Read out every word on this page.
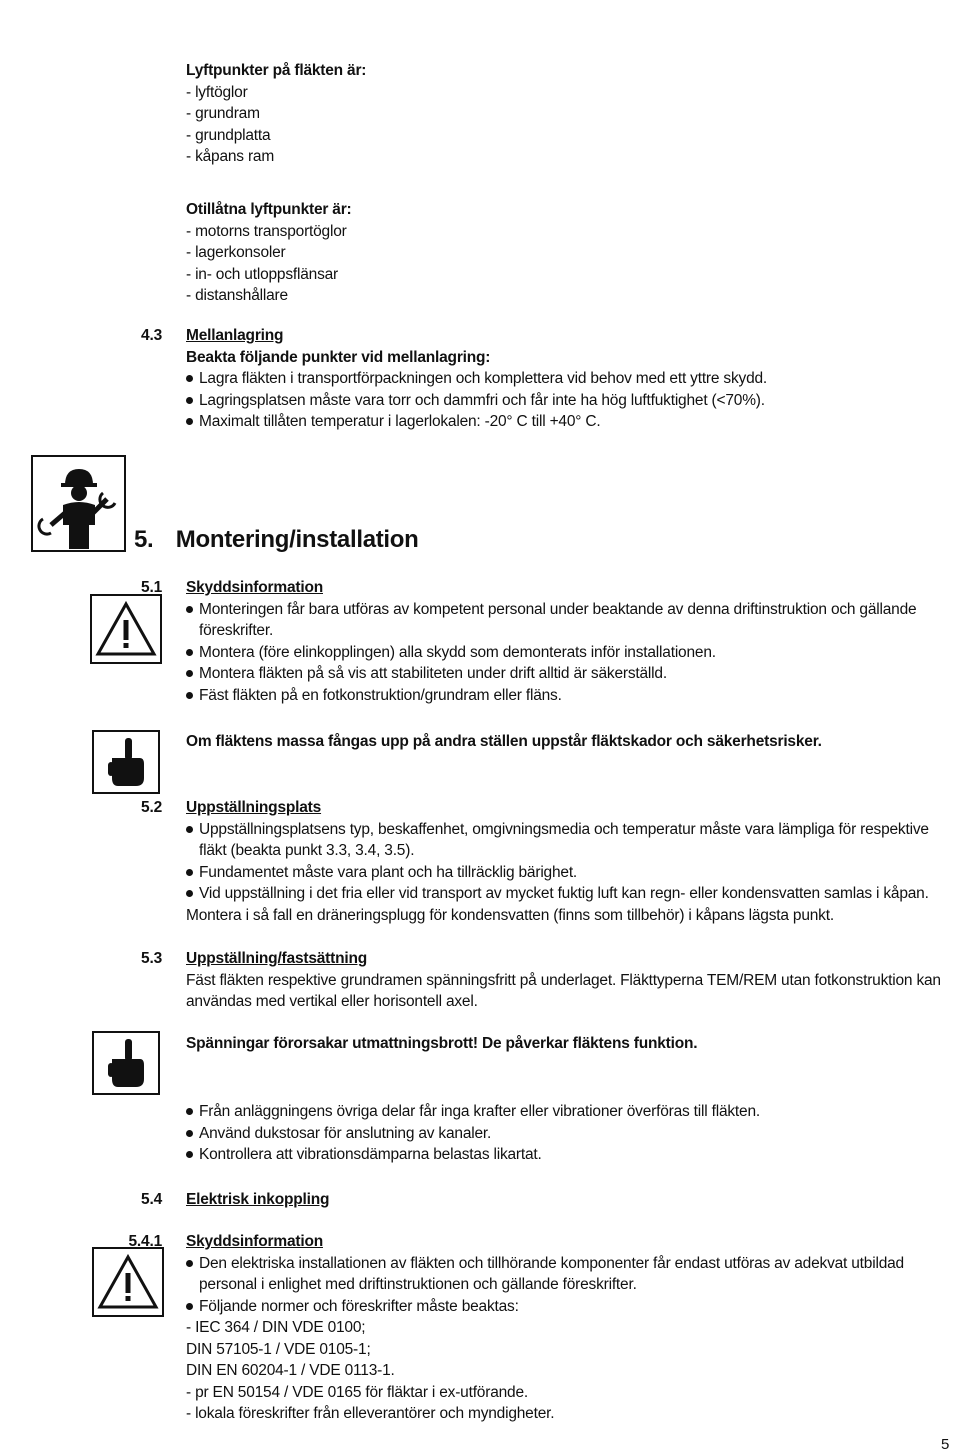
Lyftpunkter på fläkten är:
- lyftöglor
- grundram
- grundplatta
- kåpans ram
Otillåtna lyftpunkter är:
- motorns transportöglor
- lagerkonsoler
- in- och utloppsflänsar
- distanshållare
4.3 Mellanlagring
Beakta följande punkter vid mellanlagring:
Lagra fläkten i transportförpackningen och komplettera vid behov med ett yttre skydd.
Lagringsplatsen måste vara torr och dammfri och får inte ha hög luftfuktighet (<70%).
Maximalt tillåten temperatur i lagerlokalen: -20° C till +40° C.
5. Montering/installation
5.1 Skyddsinformation
Monteringen får bara utföras av kompetent personal under beaktande av denna driftinstruktion och gällande föreskrifter.
Montera (före elinkopplingen) alla skydd som demonterats inför installationen.
Montera fläkten på så vis att stabiliteten under drift alltid är säkerställd.
Fäst fläkten på en fotkonstruktion/grundram eller fläns.
Om fläktens massa fångas upp på andra ställen uppstår fläktskador och säkerhetsrisker.
5.2 Uppställningsplats
Uppställningsplatsens typ, beskaffenhet, omgivningsmedia och temperatur måste vara lämpliga för respektive fläkt (beakta punkt 3.3, 3.4, 3.5).
Fundamentet måste vara plant och ha tillräcklig bärighet.
Vid uppställning i det fria eller vid transport av mycket fuktig luft kan regn- eller kondensvatten samlas i kåpan.
Montera i så fall en dräneringsplugg för kondensvatten (finns som tillbehör) i kåpans lägsta punkt.
5.3 Uppställning/fastsättning
Fäst fläkten respektive grundramen spänningsfritt på underlaget. Fläkttyperna TEM/REM utan fotkonstruktion kan användas med vertikal eller horisontell axel.
Spänningar förorsakar utmattningsbrott! De påverkar fläktens funktion.
Från anläggningens övriga delar får inga krafter eller vibrationer överföras till fläkten.
Använd dukstosar för anslutning av kanaler.
Kontrollera att vibrationsdämparna belastas likartat.
5.4 Elektrisk inkoppling
5.4.1 Skyddsinformation
Den elektriska installationen av fläkten och tillhörande komponenter får endast utföras av adekvat utbildad personal i enlighet med driftinstruktionen och gällande föreskrifter.
Följande normer och föreskrifter måste beaktas:
- IEC 364 / DIN VDE 0100;
DIN 57105-1 / VDE 0105-1;
DIN EN 60204-1 / VDE 0113-1.
- pr EN 50154 / VDE 0165 för fläktar i ex-utförande.
- lokala föreskrifter från elleverantörer och myndigheter.
5
